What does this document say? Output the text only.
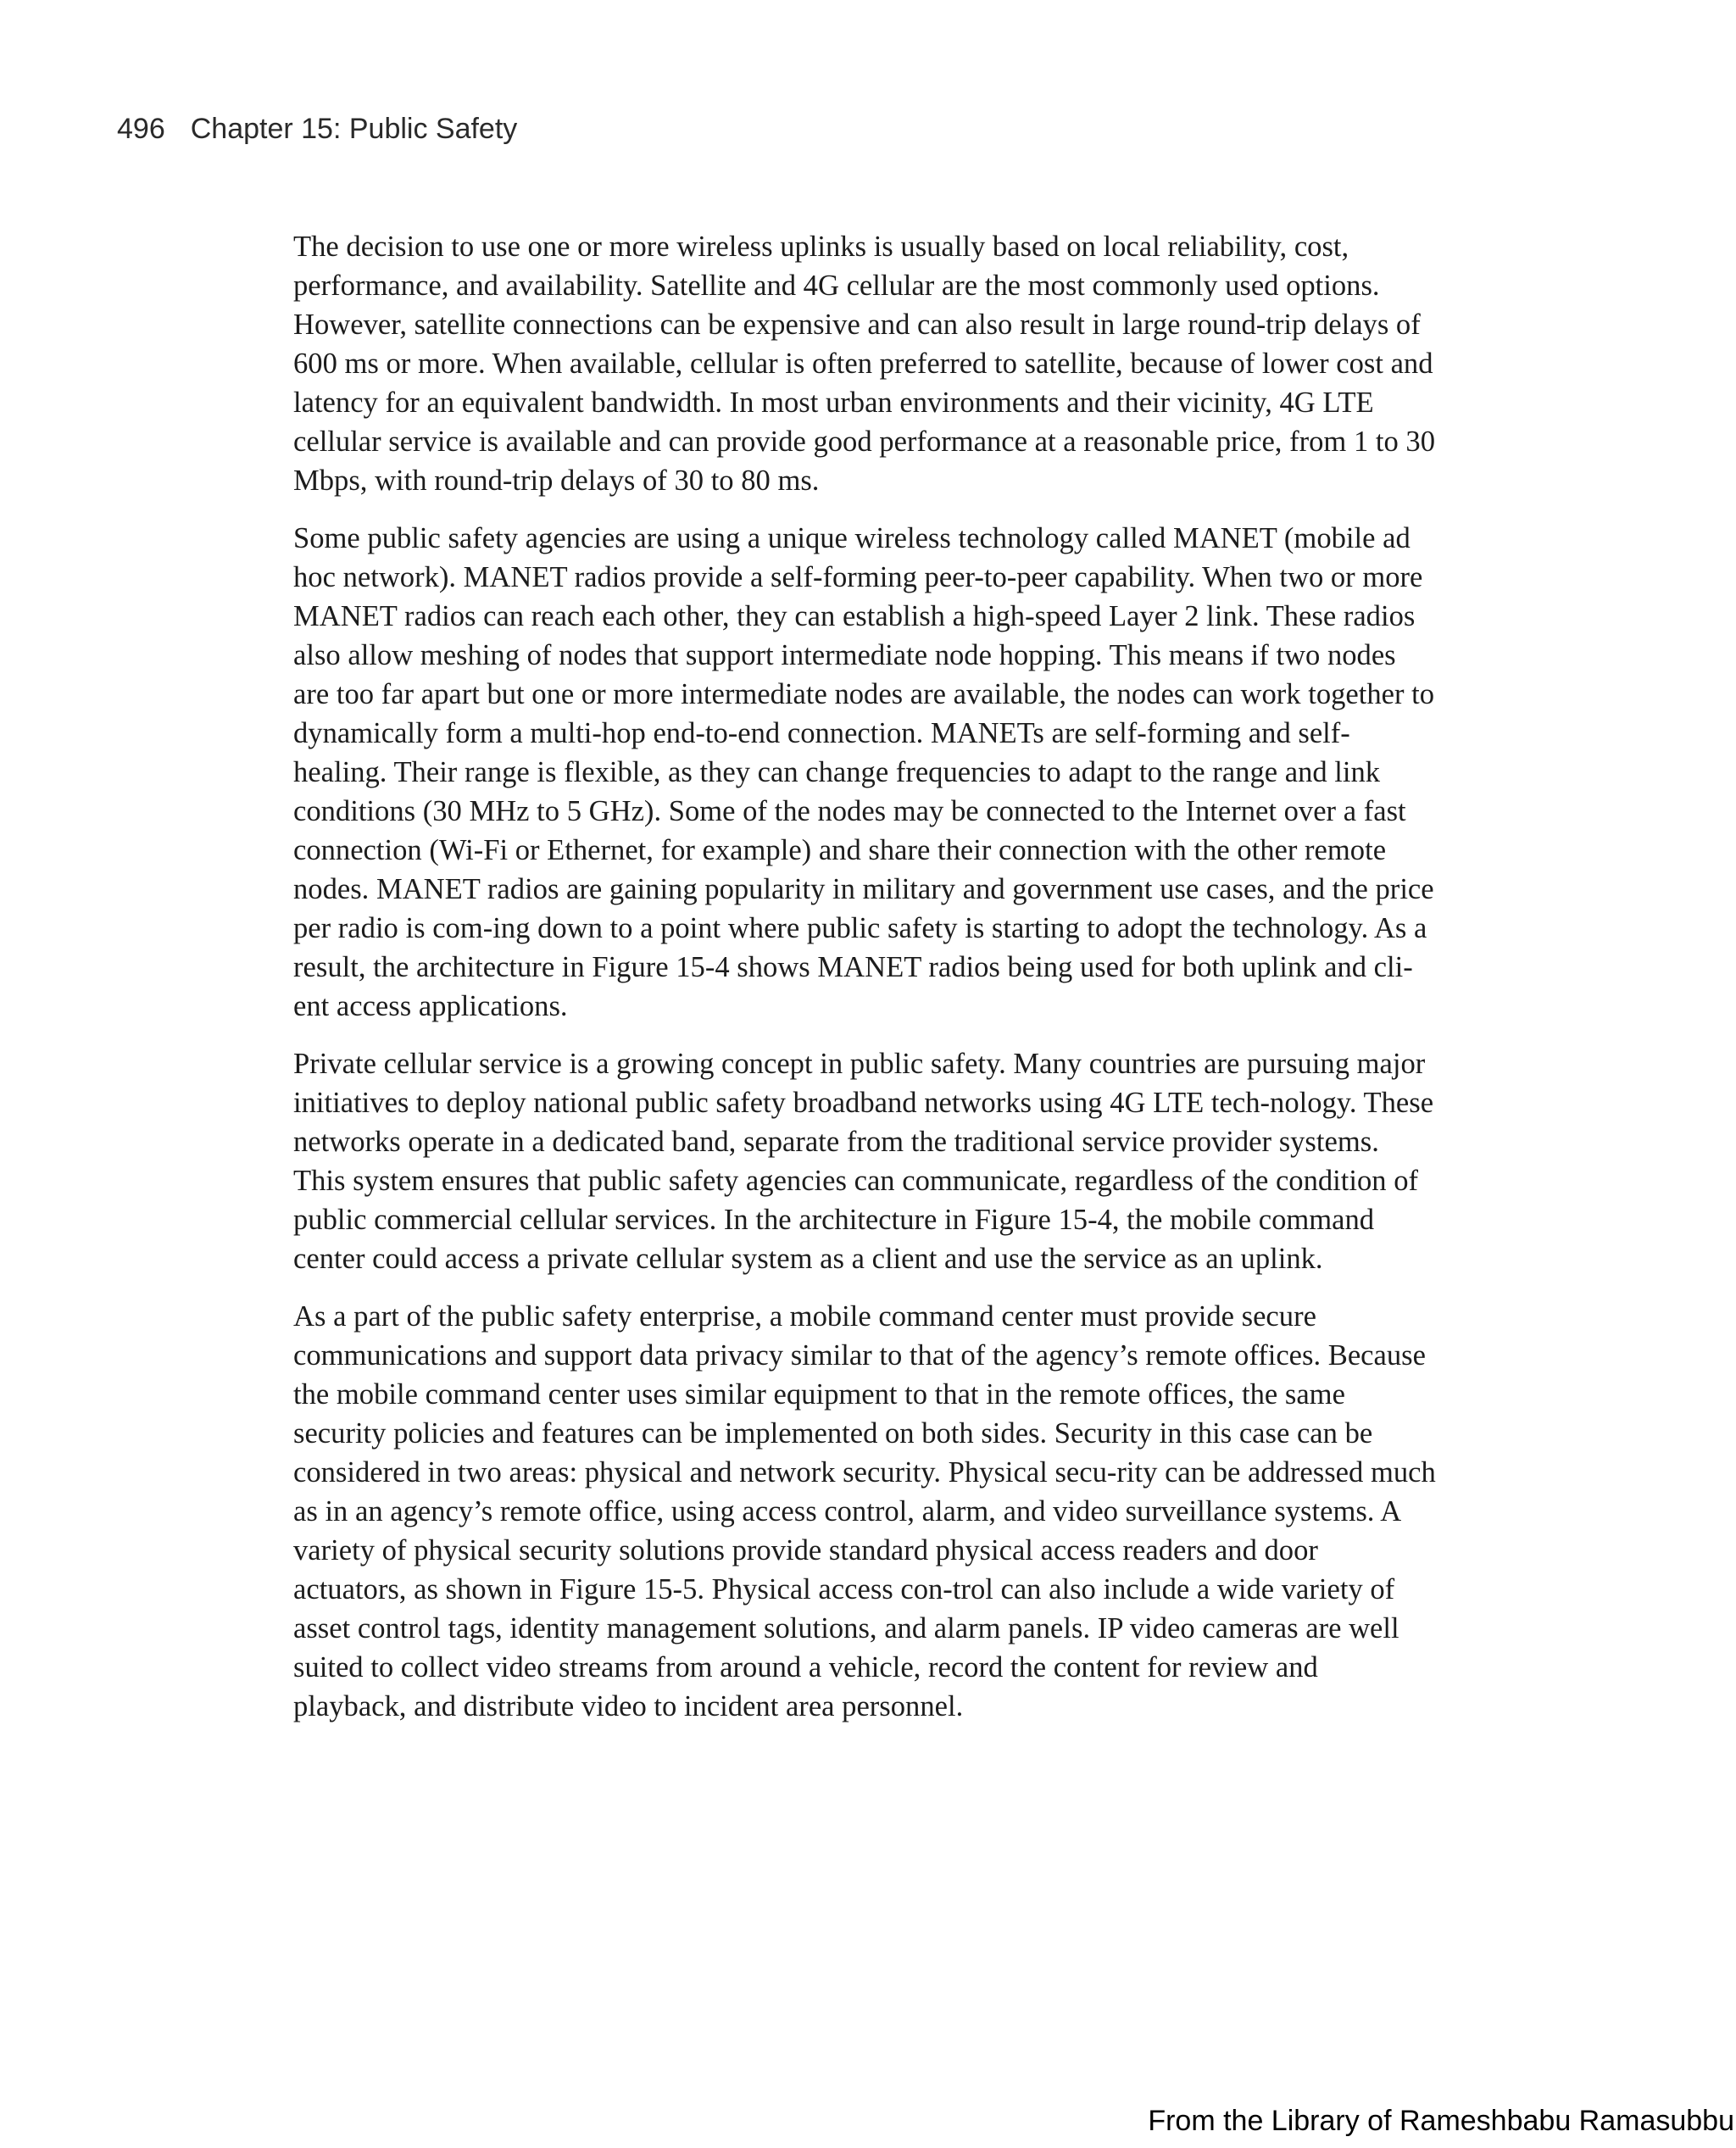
496 Chapter 15: Public Safety

The decision to use one or more wireless uplinks is usually based on local reliability, cost, performance, and availability. Satellite and 4G cellular are the most commonly used options. However, satellite connections can be expensive and can also result in large round-trip delays of 600 ms or more. When available, cellular is often preferred to satellite, because of lower cost and latency for an equivalent bandwidth. In most urban environments and their vicinity, 4G LTE cellular service is available and can provide good performance at a reasonable price, from 1 to 30 Mbps, with round-trip delays of 30 to 80 ms.

Some public safety agencies are using a unique wireless technology called MANET (mobile ad hoc network). MANET radios provide a self-forming peer-to-peer capability. When two or more MANET radios can reach each other, they can establish a high-speed Layer 2 link. These radios also allow meshing of nodes that support intermediate node hopping. This means if two nodes are too far apart but one or more intermediate nodes are available, the nodes can work together to dynamically form a multi-hop end-to-end connection. MANETs are self-forming and self-healing. Their range is flexible, as they can change frequencies to adapt to the range and link conditions (30 MHz to 5 GHz). Some of the nodes may be connected to the Internet over a fast connection (Wi-Fi or Ethernet, for example) and share their connection with the other remote nodes. MANET radios are gaining popularity in military and government use cases, and the price per radio is com-ing down to a point where public safety is starting to adopt the technology. As a result, the architecture in Figure 15-4 shows MANET radios being used for both uplink and cli-ent access applications.

Private cellular service is a growing concept in public safety. Many countries are pursuing major initiatives to deploy national public safety broadband networks using 4G LTE tech-nology. These networks operate in a dedicated band, separate from the traditional service provider systems. This system ensures that public safety agencies can communicate, regardless of the condition of public commercial cellular services. In the architecture in Figure 15-4, the mobile command center could access a private cellular system as a client and use the service as an uplink.

As a part of the public safety enterprise, a mobile command center must provide secure communications and support data privacy similar to that of the agency’s remote offices. Because the mobile command center uses similar equipment to that in the remote offices, the same security policies and features can be implemented on both sides. Security in this case can be considered in two areas: physical and network security. Physical secu-rity can be addressed much as in an agency’s remote office, using access control, alarm, and video surveillance systems. A variety of physical security solutions provide standard physical access readers and door actuators, as shown in Figure 15-5. Physical access con-trol can also include a wide variety of asset control tags, identity management solutions, and alarm panels. IP video cameras are well suited to collect video streams from around a vehicle, record the content for review and playback, and distribute video to incident area personnel.

From the Library of Rameshbabu Ramasubbu
